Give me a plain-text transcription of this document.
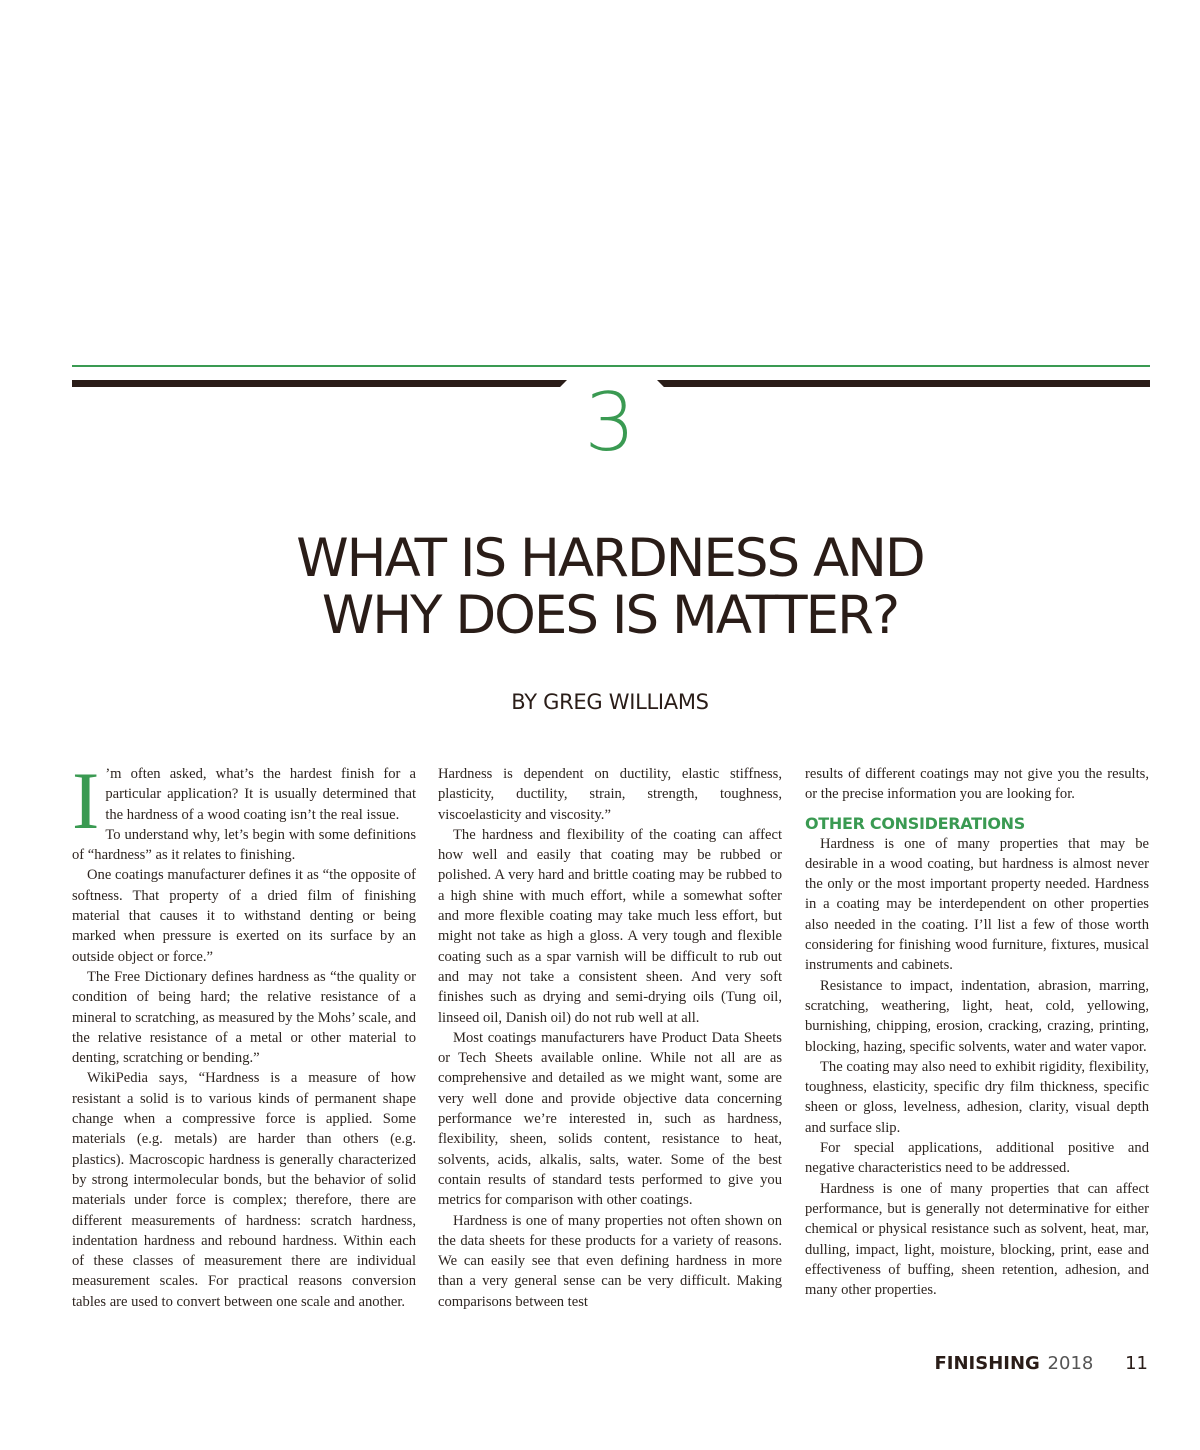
3
WHAT IS HARDNESS AND
WHY DOES IS MATTER?
BY GREG WILLIAMS

I ’m often asked, what’s the hardest finish for a particular application? It is usually determined that the hardness of a wood coating isn’t the real issue.

To understand why, let’s begin with some definitions of “hardness” as it relates to finishing.

One coatings manufacturer defines it as “the opposite of softness. That property of a dried film of finishing material that causes it to withstand denting or being marked when pressure is exerted on its surface by an outside object or force.”

The Free Dictionary defines hardness as “the quality or condition of being hard; the relative resistance of a mineral to scratching, as measured by the Mohs’ scale, and the relative resistance of a metal or other material to denting, scratching or bending.”

WikiPedia says, “Hardness is a measure of how resistant a solid is to various kinds of permanent shape change when a compressive force is applied. Some materials (e.g. metals) are harder than others (e.g. plastics). Macroscopic hardness is generally characterized by strong intermolecular bonds, but the behavior of solid materials under force is complex; therefore, there are different measurements of hardness: scratch hardness, indentation hardness and rebound hardness. Within each of these classes of measurement there are individual measurement scales. For practical reasons conversion tables are used to convert between one scale and another.

Hardness is dependent on ductility, elastic stiffness, plasticity, ductility, strain, strength, toughness, viscoelasticity and viscosity.”

The hardness and flexibility of the coating can affect how well and easily that coating may be rubbed or polished. A very hard and brittle coating may be rubbed to a high shine with much effort, while a somewhat softer and more flexible coating may take much less effort, but might not take as high a gloss. A very tough and flexible coating such as a spar varnish will be difficult to rub out and may not take a consistent sheen. And very soft finishes such as drying and semi-drying oils (Tung oil, linseed oil, Danish oil) do not rub well at all.

Most coatings manufacturers have Product Data Sheets or Tech Sheets available online. While not all are as comprehensive and detailed as we might want, some are very well done and provide objective data concerning performance we’re interested in, such as hardness, flexibility, sheen, solids content, resistance to heat, solvents, acids, alkalis, salts, water. Some of the best contain results of standard tests performed to give you metrics for comparison with other coatings.

Hardness is one of many properties not often shown on the data sheets for these products for a variety of reasons. We can easily see that even defining hardness in more than a very general sense can be very difficult. Making comparisons between test

results of different coatings may not give you the results, or the precise information you are looking for.

OTHER CONSIDERATIONS

Hardness is one of many properties that may be desirable in a wood coating, but hardness is almost never the only or the most important property needed. Hardness in a coating may be interdependent on other properties also needed in the coating. I’ll list a few of those worth considering for finishing wood furniture, fixtures, musical instruments and cabinets.

Resistance to impact, indentation, abrasion, marring, scratching, weathering, light, heat, cold, yellowing, burnishing, chipping, erosion, cracking, crazing, printing, blocking, hazing, specific solvents, water and water vapor.

The coating may also need to exhibit rigidity, flexibility, toughness, elasticity, specific dry film thickness, specific sheen or gloss, levelness, adhesion, clarity, visual depth and surface slip.

For special applications, additional positive and negative characteristics need to be addressed.

Hardness is one of many properties that can affect performance, but is generally not determinative for either chemical or physical resistance such as solvent, heat, mar, dulling, impact, light, moisture, blocking, print, ease and effectiveness of buffing, sheen retention, adhesion, and many other properties.

FINISHING 2018 11
